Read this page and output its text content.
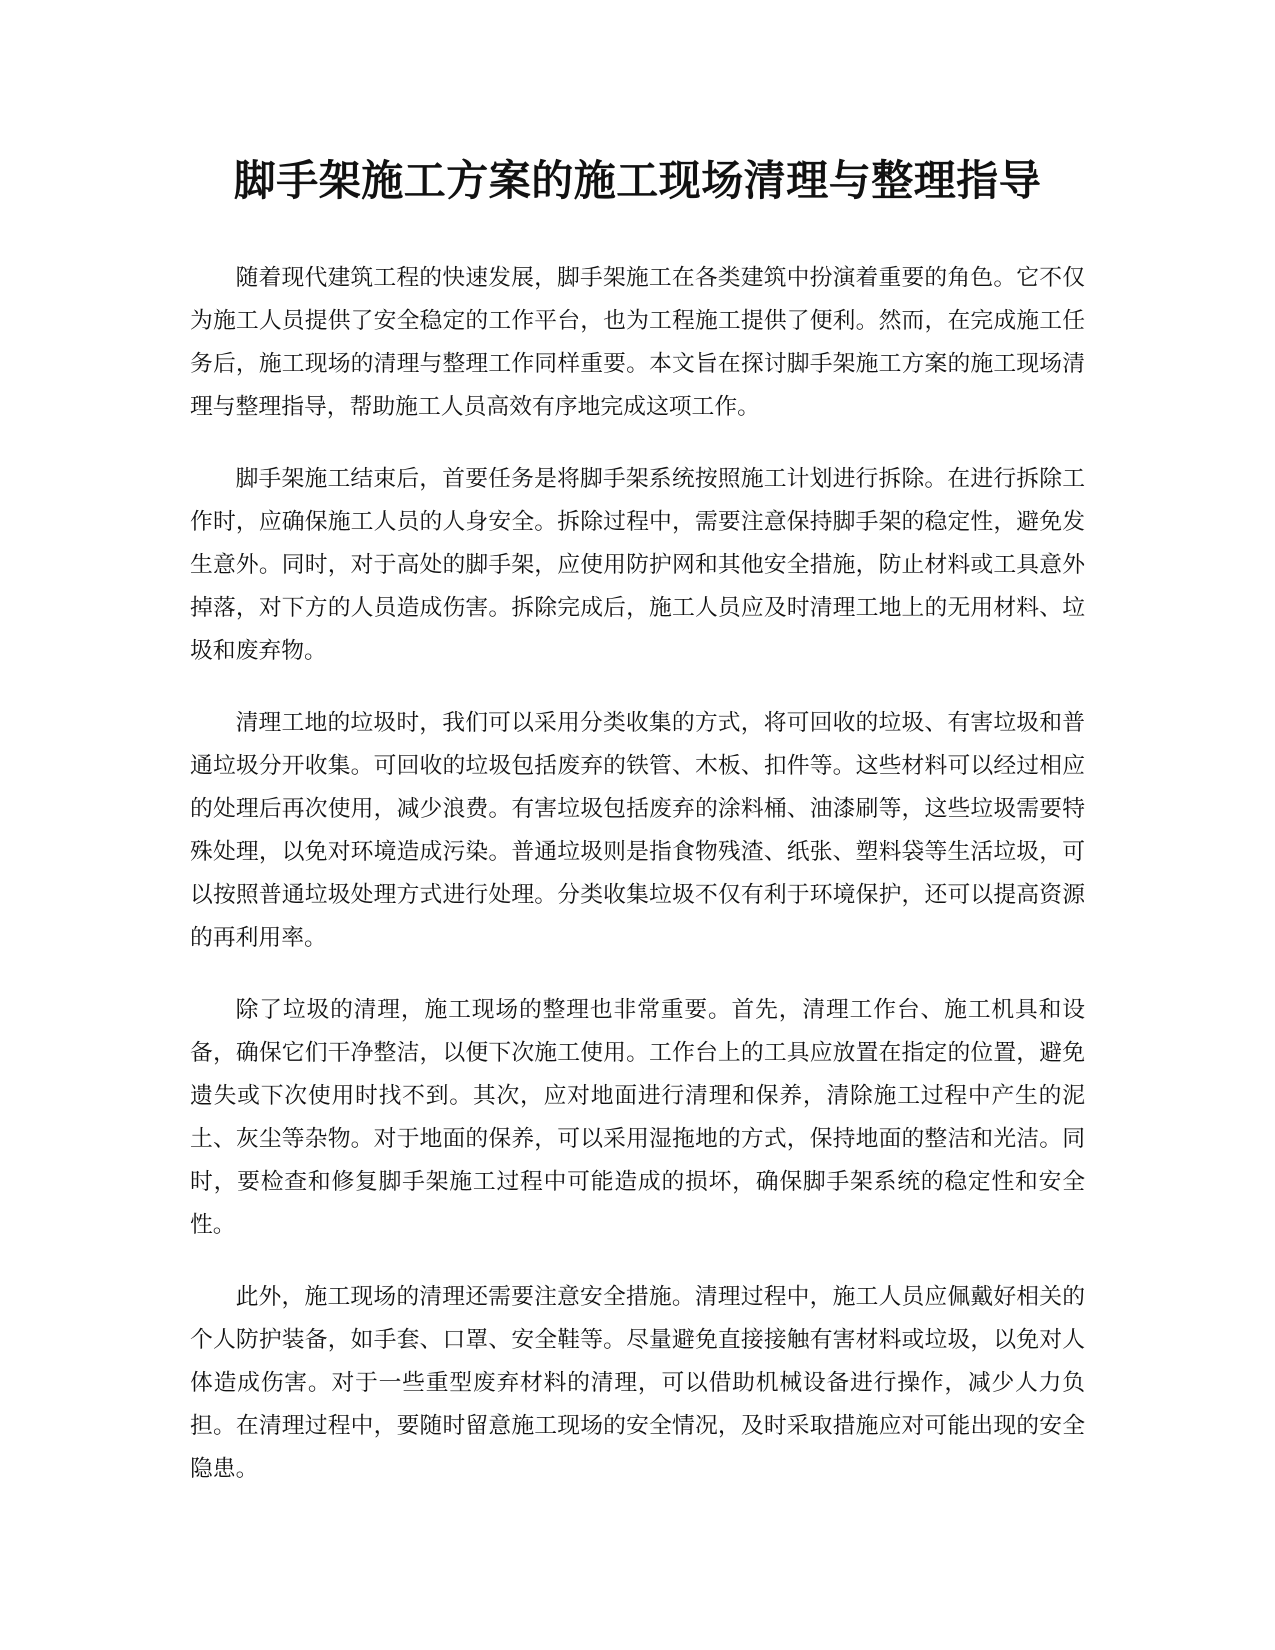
脚手架施工方案的施工现场清理与整理指导

随着现代建筑工程的快速发展，脚手架施工在各类建筑中扮演着重要的角色。它不仅为施工人员提供了安全稳定的工作平台，也为工程施工提供了便利。然而，在完成施工任务后，施工现场的清理与整理工作同样重要。本文旨在探讨脚手架施工方案的施工现场清理与整理指导，帮助施工人员高效有序地完成这项工作。

脚手架施工结束后，首要任务是将脚手架系统按照施工计划进行拆除。在进行拆除工作时，应确保施工人员的人身安全。拆除过程中，需要注意保持脚手架的稳定性，避免发生意外。同时，对于高处的脚手架，应使用防护网和其他安全措施，防止材料或工具意外掉落，对下方的人员造成伤害。拆除完成后，施工人员应及时清理工地上的无用材料、垃圾和废弃物。

清理工地的垃圾时，我们可以采用分类收集的方式，将可回收的垃圾、有害垃圾和普通垃圾分开收集。可回收的垃圾包括废弃的铁管、木板、扣件等。这些材料可以经过相应的处理后再次使用，减少浪费。有害垃圾包括废弃的涂料桶、油漆刷等，这些垃圾需要特殊处理，以免对环境造成污染。普通垃圾则是指食物残渣、纸张、塑料袋等生活垃圾，可以按照普通垃圾处理方式进行处理。分类收集垃圾不仅有利于环境保护，还可以提高资源的再利用率。

除了垃圾的清理，施工现场的整理也非常重要。首先，清理工作台、施工机具和设备，确保它们干净整洁，以便下次施工使用。工作台上的工具应放置在指定的位置，避免遗失或下次使用时找不到。其次，应对地面进行清理和保养，清除施工过程中产生的泥土、灰尘等杂物。对于地面的保养，可以采用湿拖地的方式，保持地面的整洁和光洁。同时，要检查和修复脚手架施工过程中可能造成的损坏，确保脚手架系统的稳定性和安全性。

此外，施工现场的清理还需要注意安全措施。清理过程中，施工人员应佩戴好相关的个人防护装备，如手套、口罩、安全鞋等。尽量避免直接接触有害材料或垃圾，以免对人体造成伤害。对于一些重型废弃材料的清理，可以借助机械设备进行操作，减少人力负担。在清理过程中，要随时留意施工现场的安全情况，及时采取措施应对可能出现的安全隐患。
